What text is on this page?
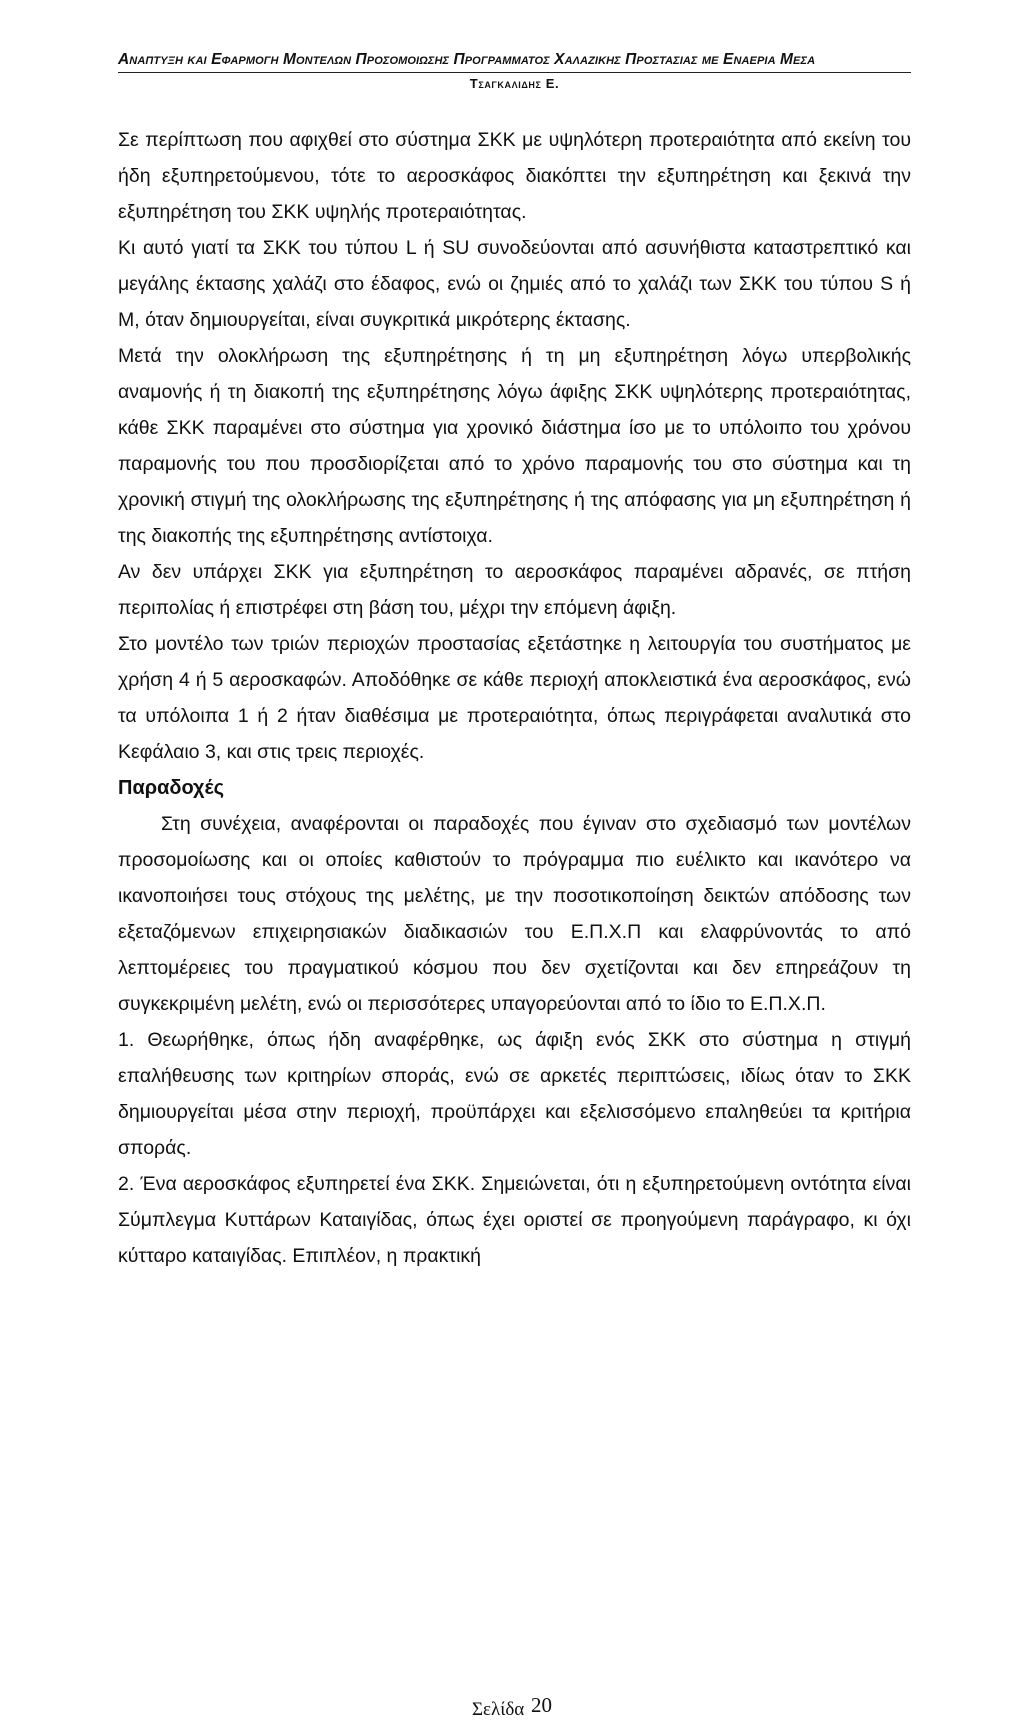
Αναπτυξη και Εφαρμογη Μοντελων Προσομοιωσης Προγραμματος Χαλαζικης Προστασιας με Εναερια Μεσα

Τσαγκαλιδης Ε.

Σε περίπτωση που αφιχθεί στο σύστημα ΣΚΚ με υψηλότερη προτεραιότητα από εκείνη του ήδη εξυπηρετούμενου, τότε το αεροσκάφος διακόπτει την εξυπηρέτηση και ξεκινά την εξυπηρέτηση του ΣΚΚ υψηλής προτεραιότητας.

Κι αυτό γιατί τα ΣΚΚ του τύπου L ή SU συνοδεύονται από ασυνήθιστα καταστρεπτικό και μεγάλης έκτασης χαλάζι στο έδαφος, ενώ οι ζημιές από το χαλάζι των ΣΚΚ του τύπου S ή M, όταν δημιουργείται, είναι συγκριτικά μικρότερης έκτασης.

Μετά την ολοκλήρωση της εξυπηρέτησης ή τη μη εξυπηρέτηση λόγω υπερβολικής αναμονής ή τη διακοπή της εξυπηρέτησης λόγω άφιξης ΣΚΚ υψηλότερης προτεραιότητας, κάθε ΣΚΚ παραμένει στο σύστημα για χρονικό διάστημα ίσο με το υπόλοιπο του χρόνου παραμονής του που προσδιορίζεται από το χρόνο παραμονής του στο σύστημα και τη χρονική στιγμή της ολοκλήρωσης της εξυπηρέτησης ή της απόφασης για μη εξυπηρέτηση ή της διακοπής της εξυπηρέτησης αντίστοιχα.

Αν δεν υπάρχει ΣΚΚ για εξυπηρέτηση το αεροσκάφος παραμένει αδρανές, σε πτήση περιπολίας ή επιστρέφει στη βάση του, μέχρι την επόμενη άφιξη.

Στο μοντέλο των τριών περιοχών προστασίας εξετάστηκε η λειτουργία του συστήματος με χρήση 4 ή 5 αεροσκαφών. Αποδόθηκε σε κάθε περιοχή αποκλειστικά ένα αεροσκάφος, ενώ τα υπόλοιπα 1 ή 2 ήταν διαθέσιμα με προτεραιότητα, όπως περιγράφεται αναλυτικά στο Κεφάλαιο 3, και στις τρεις περιοχές.

Παραδοχές

Στη συνέχεια, αναφέρονται οι παραδοχές που έγιναν στο σχεδιασμό των μοντέλων προσομοίωσης και οι οποίες καθιστούν το πρόγραμμα πιο ευέλικτο και ικανότερο να ικανοποιήσει τους στόχους της μελέτης, με την ποσοτικοποίηση δεικτών απόδοσης των εξεταζόμενων επιχειρησιακών διαδικασιών του Ε.Π.Χ.Π και ελαφρύνοντάς το από λεπτομέρειες του πραγματικού κόσμου που δεν σχετίζονται και δεν επηρεάζουν τη συγκεκριμένη μελέτη, ενώ οι περισσότερες υπαγορεύονται από το ίδιο το Ε.Π.Χ.Π.

1. Θεωρήθηκε, όπως ήδη αναφέρθηκε, ως άφιξη ενός ΣΚΚ στο σύστημα η στιγμή επαλήθευσης των κριτηρίων σποράς, ενώ σε αρκετές περιπτώσεις, ιδίως όταν το ΣΚΚ δημιουργείται μέσα στην περιοχή, προϋπάρχει και εξελισσόμενο επαληθεύει τα κριτήρια σποράς.

2. Ένα αεροσκάφος εξυπηρετεί ένα ΣΚΚ. Σημειώνεται, ότι η εξυπηρετούμενη οντότητα είναι Σύμπλεγμα Κυττάρων Καταιγίδας, όπως έχει οριστεί σε προηγούμενη παράγραφο, κι όχι κύτταρο καταιγίδας. Επιπλέον, η πρακτική

Σελίδα 20
